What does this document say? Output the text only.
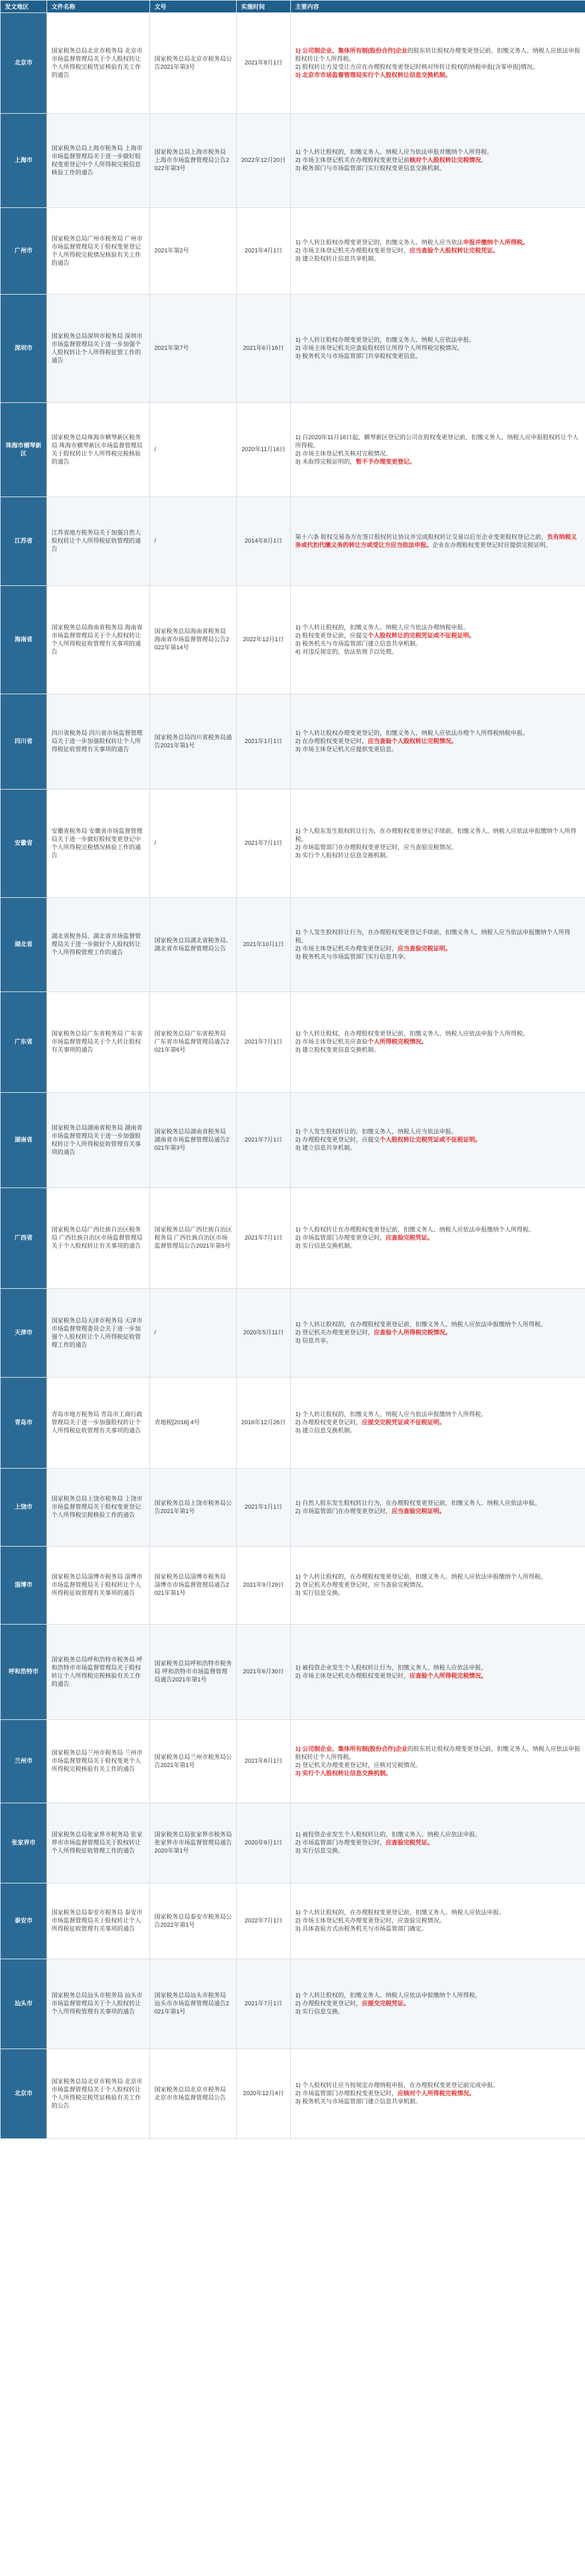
发文地区	文件名称	文号	实施时间	主要内容
北京市	国家税务总局北京市税务局 北京市市场监督管理局关于个人股权转让个人所得税完税凭证核验有关工作的通告	国家税务总局北京市税务局公告2021年第3号	2021年8月1日	1) 公司制企业、集体所有制(股份合作)企业的股东转让股权办理变更登记前，扣缴义务人、纳税人应依法申报股权转让个人所得税。
2) 股权转让方及受让方应在办理股权变更登记时核对所转让股权的纳税申报(含零申报)情况。
3) 北京市市场监督管理局实行个人股权转让信息交换机制。

上海市	国家税务总局上海市税务局 上海市市场监督管理局关于进一步做好股权变更登记中个人所得税完税信息核验工作的通告	国家税务总局上海市税务局 上海市市场监督管理局公告2022年第3号	2022年12月20日	1) 个人转让股权的，扣缴义务人、纳税人应当依法申报并缴纳个人所得税。
2) 市场主体登记机关在办理股权变更登记前核对个人股权转让完税情况。
3) 税务部门与市场监管部门实行股权变更信息交换机制。

广州市	国家税务总局广州市税务局 广州市市场监督管理局关于股权变更登记个人所得税完税情况核验有关工作的通告	2021年第2号	2021年4月1日	1) 个人转让股权办理变更登记的，扣缴义务人、纳税人应当依法申报并缴纳个人所得税。
2) 市场主体登记机关办理股权变更登记时，应当查验个人股权转让完税凭证。
3) 建立股权转让信息共享机制。

深圳市	国家税务总局深圳市税务局 深圳市市场监督管理局关于进一步加强个人股权转让个人所得税征管工作的通告	2021年第7号	2021年6月16日	1) 个人转让股权办理变更登记的，扣缴义务人、纳税人应依法申报。
2) 市场主体登记机关应查验股权转让所得个人所得税完税情况。
3) 税务机关与市场监管部门共享股权变更信息。

珠海市横琴新区	国家税务总局珠海市横琴新区税务局 珠海市横琴新区市场监督管理局关于股权转让个人所得税完税核验的通告	/	2020年11月16日	1) 自2020年11月16日起，横琴新区登记的公司在股权变更登记前，扣缴义务人、纳税人应申报股权转让个人所得税。
2) 市场主体登记机关核对完税情况。
3) 未取得完税证明的，暂不予办理变更登记。

江苏省	江苏省地方税务局关于加强自然人股权转让个人所得税征收管理的通告	/	2014年8月1日	第十六条 股权交易各方在签订股权转让协议并完成股权转让交易以后至企业变更股权登记之前，负有纳税义务或代扣代缴义务的转让方或受让方应当依法申报。企业在办理股权变更登记时应提供完税证明。

海南省	国家税务总局海南省税务局 海南省市场监督管理局关于个人股权转让个人所得税征收管理有关事项的通告	国家税务总局海南省税务局 海南省市场监督管理局公告2022年第14号	2022年12月1日	1) 个人转让股权的，扣缴义务人、纳税人应当依法办理纳税申报。
2) 股权变更登记前，应提交个人股权转让的完税凭证或不征税证明。
3) 税务机关与市场监管部门建立信息共享机制。
4) 对违反规定的，依法依规予以处理。

四川省	四川省税务局 四川省市场监督管理局关于进一步加强股权转让个人所得税征收管理有关事项的通告	国家税务总局四川省税务局通告2021年第1号	2021年1月1日	1) 个人转让股权办理变更登记的，扣缴义务人、纳税人应依法办理个人所得税纳税申报。
2) 在办理股权变更登记时，应当查验个人股权转让完税情况。
3) 市场主体登记机关应提供变更信息。

安徽省	安徽省税务局 安徽省市场监督管理局关于进一步做好股权变更登记中个人所得税完税情况核验工作的通告	/	2021年7月1日	1) 个人股东发生股权转让行为，在办理股权变更登记手续前，扣缴义务人、纳税人应依法申报缴纳个人所得税。
2) 市场监管部门在办理股权变更登记时，应当查验完税情况。
3) 实行个人股权转让信息交换机制。

湖北省	湖北省税务局、湖北省市场监督管理局关于进一步做好个人股权转让个人所得税管理工作的通告	国家税务总局湖北省税务局、湖北省市场监督管理局公告	2021年10月1日	1) 个人发生股权转让行为，在办理股权变更登记手续前，扣缴义务人、纳税人应当依法申报缴纳个人所得税。
2) 市场主体登记机关办理变更登记时，应当查验完税证明。
3) 税务机关与市场监管部门实行信息共享。

广东省	国家税务总局广东省税务局 广东省市场监督管理局关于个人转让股权有关事项的通告	国家税务总局广东省税务局 广东省市场监督管理局通告2021年第6号	2021年7月1日	1) 个人转让股权，在办理股权变更登记前，扣缴义务人、纳税人应依法申报个人所得税。
2) 市场主体登记机关应查验个人所得税完税情况。
3) 建立股权变更信息交换机制。

湖南省	国家税务总局湖南省税务局 湖南省市场监督管理局关于进一步加强股权转让个人所得税征收管理有关事项的通告	国家税务总局湖南省税务局 湖南省市场监督管理局通告2021年第3号	2021年7月1日	1) 个人发生股权转让的，扣缴义务人、纳税人应当依法申报。
2) 办理股权变更登记时，应提交个人股权转让完税凭证或不征税证明。
3) 建立信息共享机制。

广西省	国家税务总局广西壮族自治区税务局 广西壮族自治区市场监督管理局关于个人股权转让有关事项的通告	国家税务总局广西壮族自治区税务局 广西壮族自治区市场监督管理局公告2021年第5号	2021年7月1日	1) 个人股权转让在办理股权变更登记前，扣缴义务人、纳税人应依法申报缴纳个人所得税。
2) 市场监管部门办理变更登记时，应查验完税凭证。
3) 实行信息交换机制。

天津市	国家税务总局天津市税务局 天津市市场监督管理委员会关于进一步加强个人股权转让个人所得税征收管理工作的通告	/	2020年5月11日	1) 个人转让股权的，在办理股权变更登记前，扣缴义务人、纳税人应依法申报缴纳个人所得税。
2) 登记机关办理变更登记时，应查验个人所得税完税情况。
3) 信息共享。

青岛市	青岛市地方税务局 青岛市工商行政管理局关于进一步加强股权转让个人所得税征收管理有关事项的通告	青地税[2016] 4号	2016年12月26日	1) 个人转让股权的，扣缴义务人、纳税人应当依法申报缴纳个人所得税。
2) 办理股权变更登记时，应提交完税凭证或不征税证明。
3) 建立信息交换机制。

上饶市	国家税务总局上饶市税务局 上饶市市场监督管理局关于股权变更登记个人所得税完税核验工作的通告	国家税务总局上饶市税务局公告2021年第1号	2021年1月1日	1) 自然人股东发生股权转让行为，在办理股权变更登记前，扣缴义务人、纳税人应依法申报。
2) 市场监管部门在办理变更登记时，应当查验完税证明。

淄博市	国家税务总局淄博市税务局 淄博市市场监督管理局关于股权转让个人所得税征收管理有关事项的通告	国家税务总局淄博市税务局 淄博市市场监督管理局通告2021年第1号	2021年9月29日	1) 个人转让股权的，在办理股权变更登记前，扣缴义务人、纳税人应依法申报缴纳个人所得税。
2) 登记机关办理变更登记时，应当查验完税情况。
3) 实行信息交换。

呼和浩特市	国家税务总局呼和浩特市税务局 呼和浩特市市场监督管理局关于股权转让个人所得税完税核验有关工作的通告	国家税务总局呼和浩特市税务局 呼和浩特市市场监督管理局通告2021年第1号	2021年6月30日	1) 被投资企业发生个人股权转让行为，扣缴义务人、纳税人应依法申报。
2) 市场主体登记机关办理股权变更登记时，应查验个人所得税完税情况。

兰州市	国家税务总局兰州市税务局 兰州市市场监督管理局关于股权变更个人所得税完税核验有关工作的通告	国家税务总局兰州市税务局公告2021年第1号	2021年8月1日	1) 公司制企业、集体所有制(股份合作)企业的股东转让股权办理变更登记前，扣缴义务人、纳税人应依法申报股权转让个人所得税。
2) 登记机关办理变更登记时，应核对完税情况。
3) 实行个人股权转让信息交换机制。

张家界市	国家税务总局张家界市税务局 张家界市市场监督管理局关于股权转让个人所得税征收管理工作的通告	国家税务总局张家界市税务局 张家界市市场监督管理局通告2020年第1号	2020年9月1日	1) 被投资企业发生个人股权转让的，扣缴义务人、纳税人应依法申报。
2) 市场监管部门办理变更登记时，应查验完税凭证。
3) 实行信息交换。

泰安市	国家税务总局泰安市税务局 泰安市市场监督管理局关于股权转让个人所得税征收管理有关事项的通告	国家税务总局泰安市税务局公告2022年第1号	2022年7月1日	1) 个人转让股权的，在办理股权变更登记前，扣缴义务人、纳税人应依法申报。
2) 市场主体登记机关办理变更登记时，应查验完税情况。
3) 具体查验方式由税务机关与市场监管部门确定。

汕头市	国家税务总局汕头市税务局 汕头市市场监督管理局关于个人股权转让个人所得税管理有关事项的通告	国家税务总局汕头市税务局 汕头市市场监督管理局通告2021年第1号	2021年7月1日	1) 个人转让股权的，扣缴义务人、纳税人应依法申报缴纳个人所得税。
2) 办理股权变更登记时，应提交完税凭证。
3) 实行信息交换。

北京市	国家税务总局北京市税务局 北京市市场监督管理局关于个人股权转让个人所得税完税凭证核验有关工作的公告	国家税务总局北京市税务局 北京市市场监督管理局公告	2020年12月4日	1) 个人股权转让应当按规定办理纳税申报，在办理股权变更登记前完成申报。
2) 市场监管部门办理股权变更登记时，应核对个人所得税完税情况。
3) 税务机关与市场监管部门建立信息共享机制。
